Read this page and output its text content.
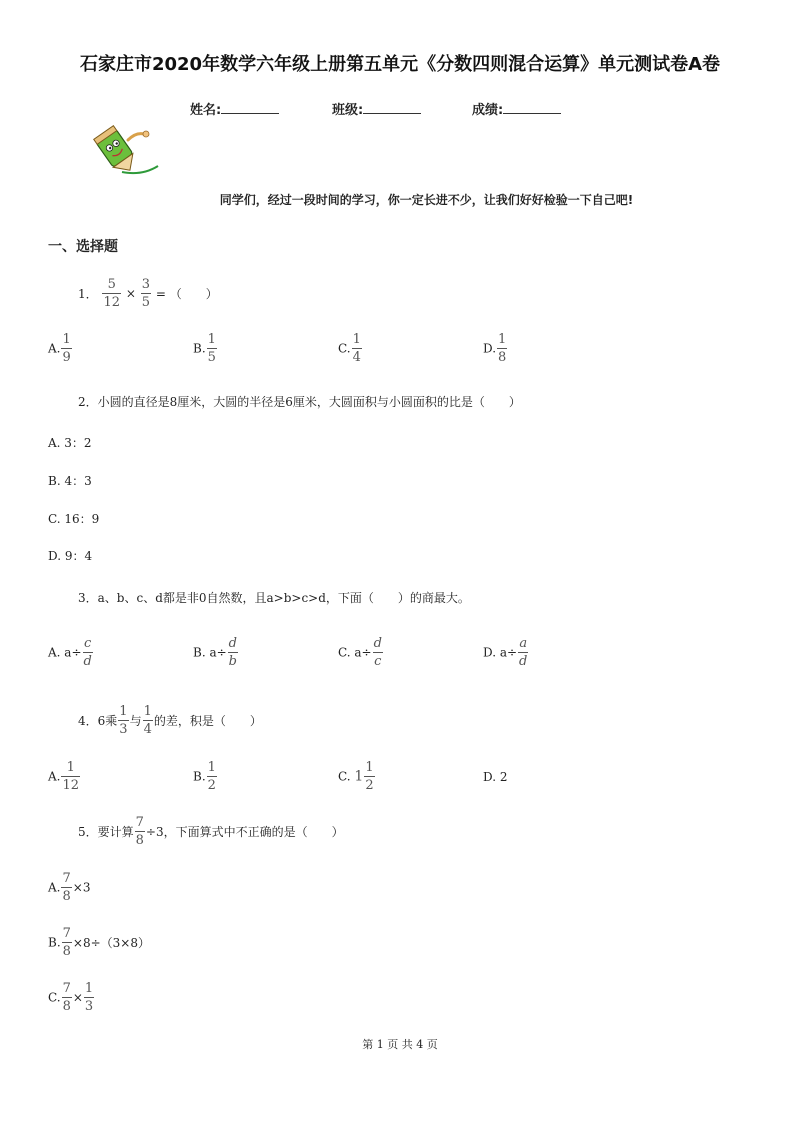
石家庄市2020年数学六年级上册第五单元《分数四则混合运算》单元测试卷A卷
姓名:	班级:	成绩:
同学们，经过一段时间的学习，你一定长进不少，让我们好好检验一下自己吧!
一、选择题
1． $\frac{5}{12} \times \frac{3}{5}$ = （　　）
A. $\frac{1}{9}$	B. $\frac{1}{5}$	C. $\frac{1}{4}$	D. $\frac{1}{8}$
2．小圆的直径是8厘米，大圆的半径是6厘米，大圆面积与小圆面积的比是（　　）
A. 3：2
B. 4：3
C. 16：9
D. 9：4
3．a、b、c、d都是非0自然数，且a>b>c>d，下面（　　）的商最大。
A. $a\div \frac{c}{d}$	B. $a\div \frac{d}{b}$	C. $a\div \frac{d}{c}$	D. $a\div \frac{a}{d}$
4．6乘 $\frac{1}{3}$ 与 $\frac{1}{4}$ 的差，积是（　　）
A. $\frac{1}{12}$	B. $\frac{1}{2}$	C. $1 \frac{1}{2}$	D. 2
5．要计算 $\frac{7}{8} \div 3$，下面算式中不正确的是（　　）
A. $\frac{7}{8} \times 3$
B. $\frac{7}{8} \times 8\div(3\times 8)$
C. $\frac{7}{8} \times \frac{1}{3}$
第 1 页 共 4 页
